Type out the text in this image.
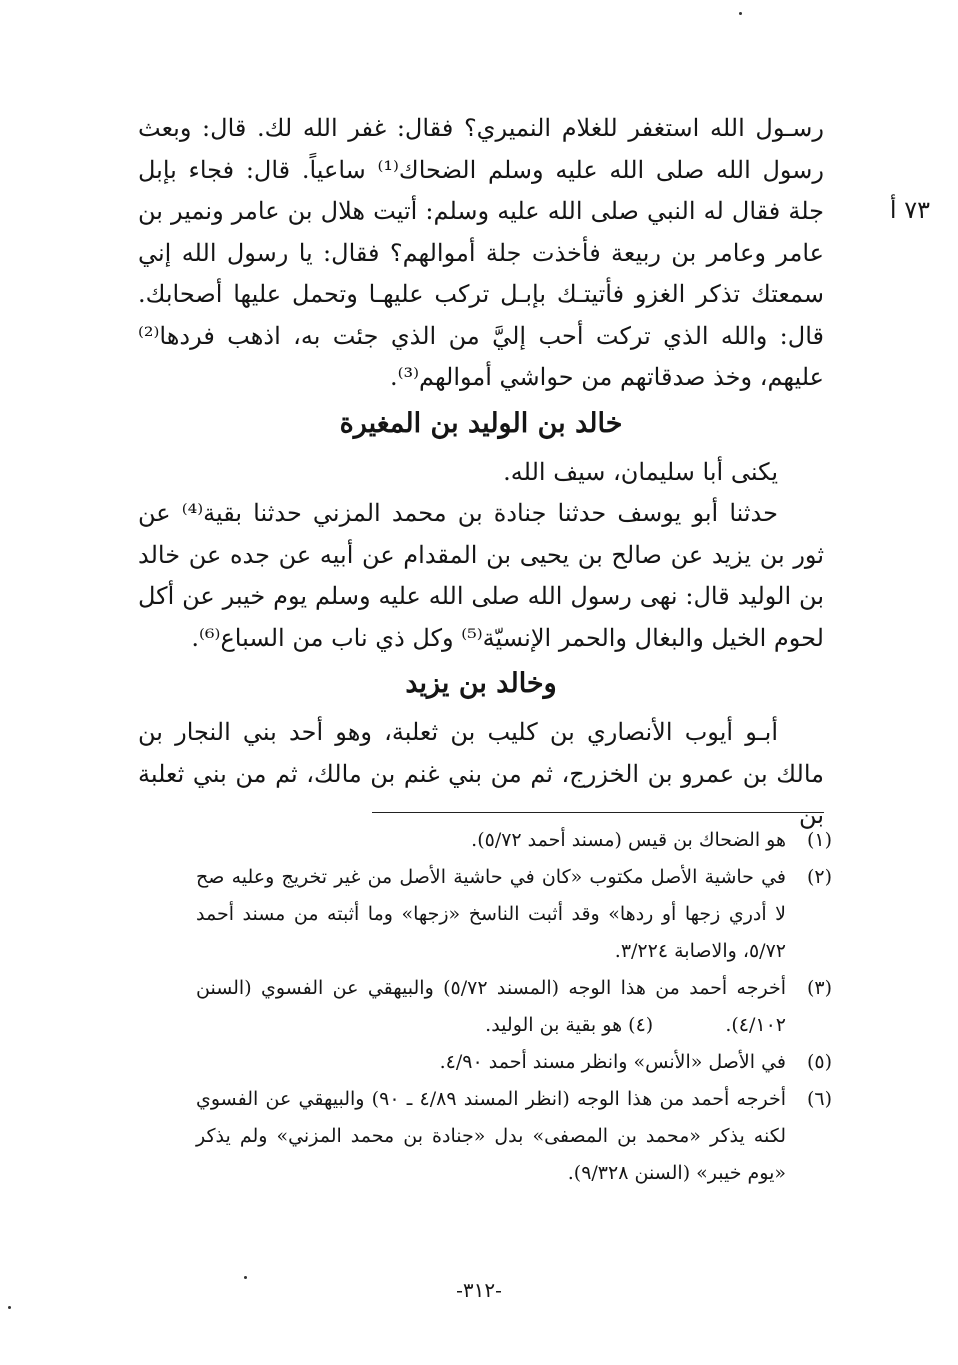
٧٣ أ

رسـول الله استغفر للغلام النميري؟ فقال: غفر الله لك. قال: وبعث رسول الله صلى الله عليه وسلم الضحاك⁽¹⁾ ساعياً. قال: فجاء بإبل جلة فقال له النبي صلى الله عليه وسلم: أتيت هلال بن عامر ونمير بن عامر وعامر بن ربيعة فأخذت جلة أموالهم؟ فقال: يا رسول الله إني سمعتك تذكر الغزو فأتيتـك بإبـل تركب عليهـا وتحمل عليها أصحابك. قال: والله الذي تركت أحب إليَّ من الذي جئت به، اذهب فردها⁽²⁾ عليهم، وخذ صدقاتهم من حواشي أموالهم⁽³⁾.

خالد بن الوليد بن المغيرة

يكنى أبا سليمان، سيف الله.

حدثنا أبو يوسف حدثنا جنادة بن محمد المزني حدثنا بقية⁽⁴⁾ عن ثور بن يزيد عن صالح بن يحيى بن المقدام عن أبيه عن جده عن خالد بن الوليد قال: نهى رسول الله صلى الله عليه وسلم يوم خيبر عن أكل لحوم الخيل والبغال والحمر الإنسيّة⁽⁵⁾ وكل ذي ناب من السباع⁽⁶⁾.

وخالد بن يزيد

أبـو أيوب الأنصاري بن كليب بن ثعلبة، وهو أحد بني النجار بن مالك بن عمرو بن الخزرج، ثم من بني غنم بن مالك، ثم من بني ثعلبة بن

(١)
هو الضحاك بن قيس (مسند أحمد ٥/٧٢).
(٢)
في حاشية الأصل مكتوب «كان في حاشية الأصل من غير تخريج وعليه صح لا أدري زجها أو ردها» وقد أثبت الناسخ «زجها» وما أثبته من مسند أحمد ٥/٧٢، والاصابة ٣/٢٢٤.
(٣)
أخرجه أحمد من هذا الوجه (المسند ٥/٧٢) والبيهقي عن الفسوي (السنن ٤/١٠٢).  (٤) هو بقية بن الوليد.
(٥)
في الأصل «الأنس» وانظر مسند أحمد ٤/٩٠.
(٦)
أخرجه أحمد من هذا الوجه (انظر المسند ٤/٨٩ ـ ٩٠) والبيهقي عن الفسوي لكنه يذكر «محمد بن المصفى» بدل «جنادة بن محمد المزني» ولم يذكر «يوم خيبر» (السنن ٩/٣٢٨).

-٣١٢-
